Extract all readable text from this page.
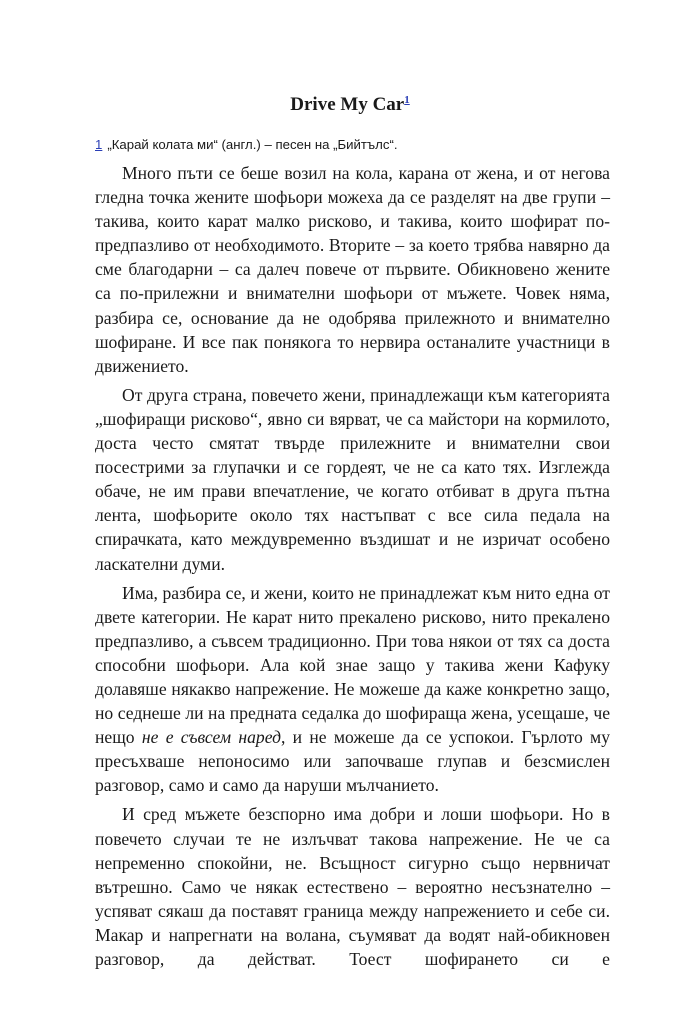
Drive My Car$^1$

1 „Карай колата ми“ (англ.) – песен на „Бийтълс“.

Много пъти се беше возил на кола, карана от жена, и от негова гледна точка жените шофьори можеха да се разделят на две групи – такива, които карат малко рисково, и такива, които шофират по-предпазливо от необходимото. Вторите – за което трябва навярно да сме благодарни – са далеч повече от първите. Обикновено жените са по-прилежни и внимателни шофьори от мъжете. Човек няма, разбира се, основание да не одобрява прилежното и внимателно шофиране. И все пак понякога то нервира останалите участници в движението.

От друга страна, повечето жени, принадлежащи към категорията „шофиращи рисково“, явно си вярват, че са майстори на кормилото, доста често смятат твърде прилежните и внимателни свои посестрими за глупачки и се гордеят, че не са като тях. Изглежда обаче, не им прави впечатление, че когато отбиват в друга пътна лента, шофьорите около тях настъпват с все сила педала на спирачката, като междувременно въздишат и не изричат особено ласкателни думи.

Има, разбира се, и жени, които не принадлежат към нито една от двете категории. Не карат нито прекалено рисково, нито прекалено предпазливо, а съвсем традиционно. При това някои от тях са доста способни шофьори. Ала кой знае защо у такива жени Кафуку долавяше някакво напрежение. Не можеше да каже конкретно защо, но седнеше ли на предната седалка до шофираща жена, усещаше, че нещо не е съвсем наред, и не можеше да се успокои. Гърлото му пресъхваше непоносимо или започваше глупав и безсмислен разговор, само и само да наруши мълчанието.

И сред мъжете безспорно има добри и лоши шофьори. Но в повечето случаи те не излъчват такова напрежение. Не че са непременно спокойни, не. Всъщност сигурно също нервничат вътрешно. Само че някак естествено – вероятно несъзнателно – успяват сякаш да поставят граница между напрежението и себе си. Макар и напрегнати на волана, съумяват да водят най-обикновен разговор, да действат. Тоест шофирането си е
